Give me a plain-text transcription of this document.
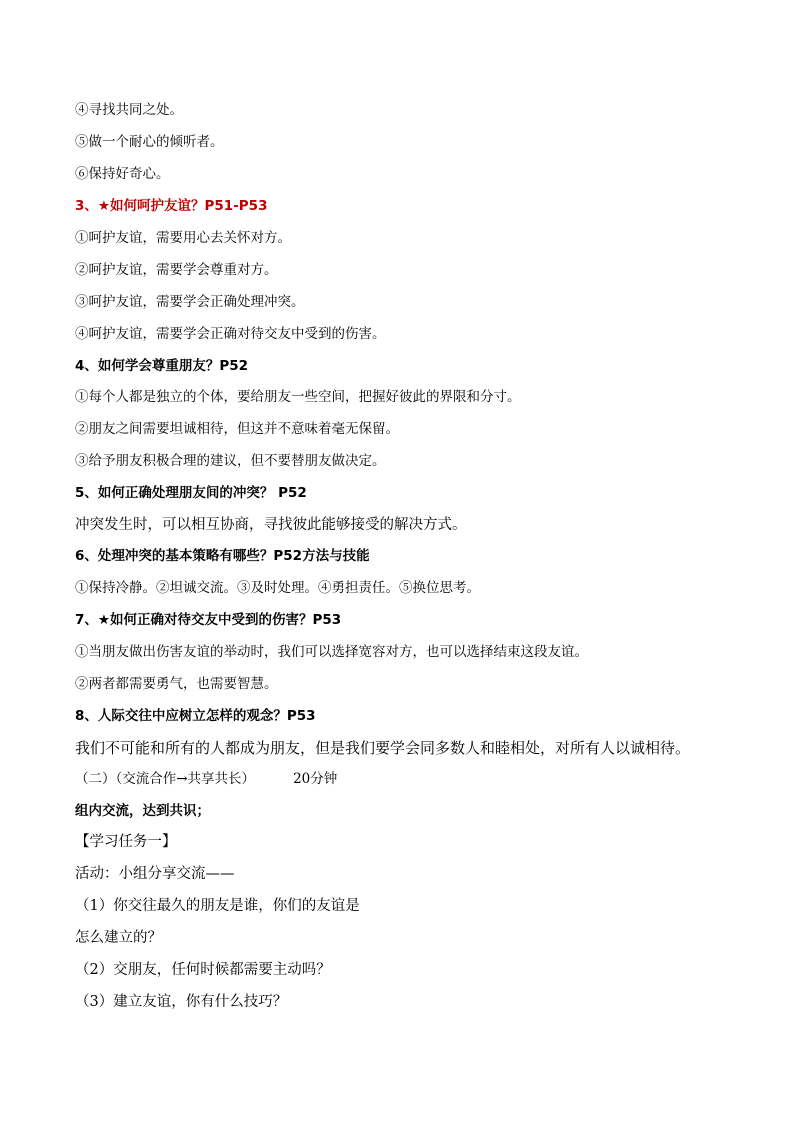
④寻找共同之处。
⑤做一个耐心的倾听者。
⑥保持好奇心。
3、★如何呵护友谊？P51-P53
①呵护友谊，需要用心去关怀对方。
②呵护友谊，需要学会尊重对方。
③呵护友谊，需要学会正确处理冲突。
④呵护友谊，需要学会正确对待交友中受到的伤害。
4、如何学会尊重朋友？P52
①每个人都是独立的个体，要给朋友一些空间，把握好彼此的界限和分寸。
②朋友之间需要坦诚相待，但这并不意味着毫无保留。
③给予朋友积极合理的建议，但不要替朋友做决定。
5、如何正确处理朋友间的冲突？ P52
冲突发生时，可以相互协商，寻找彼此能够接受的解决方式。
6、处理冲突的基本策略有哪些？P52方法与技能
①保持冷静。②坦诚交流。③及时处理。④勇担责任。⑤换位思考。
7、★如何正确对待交友中受到的伤害？P53
①当朋友做出伤害友谊的举动时，我们可以选择宽容对方，也可以选择结束这段友谊。
②两者都需要勇气，也需要智慧。
8、人际交往中应树立怎样的观念？P53
我们不可能和所有的人都成为朋友，但是我们要学会同多数人和睦相处，对所有人以诚相待。
（二）（交流合作→共享共长）	20分钟
组内交流，达到共识；
【学习任务一】
活动：小组分享交流——
（1）你交往最久的朋友是谁，你们的友谊是
怎么建立的？
（2）交朋友，任何时候都需要主动吗？
（3）建立友谊，你有什么技巧？
